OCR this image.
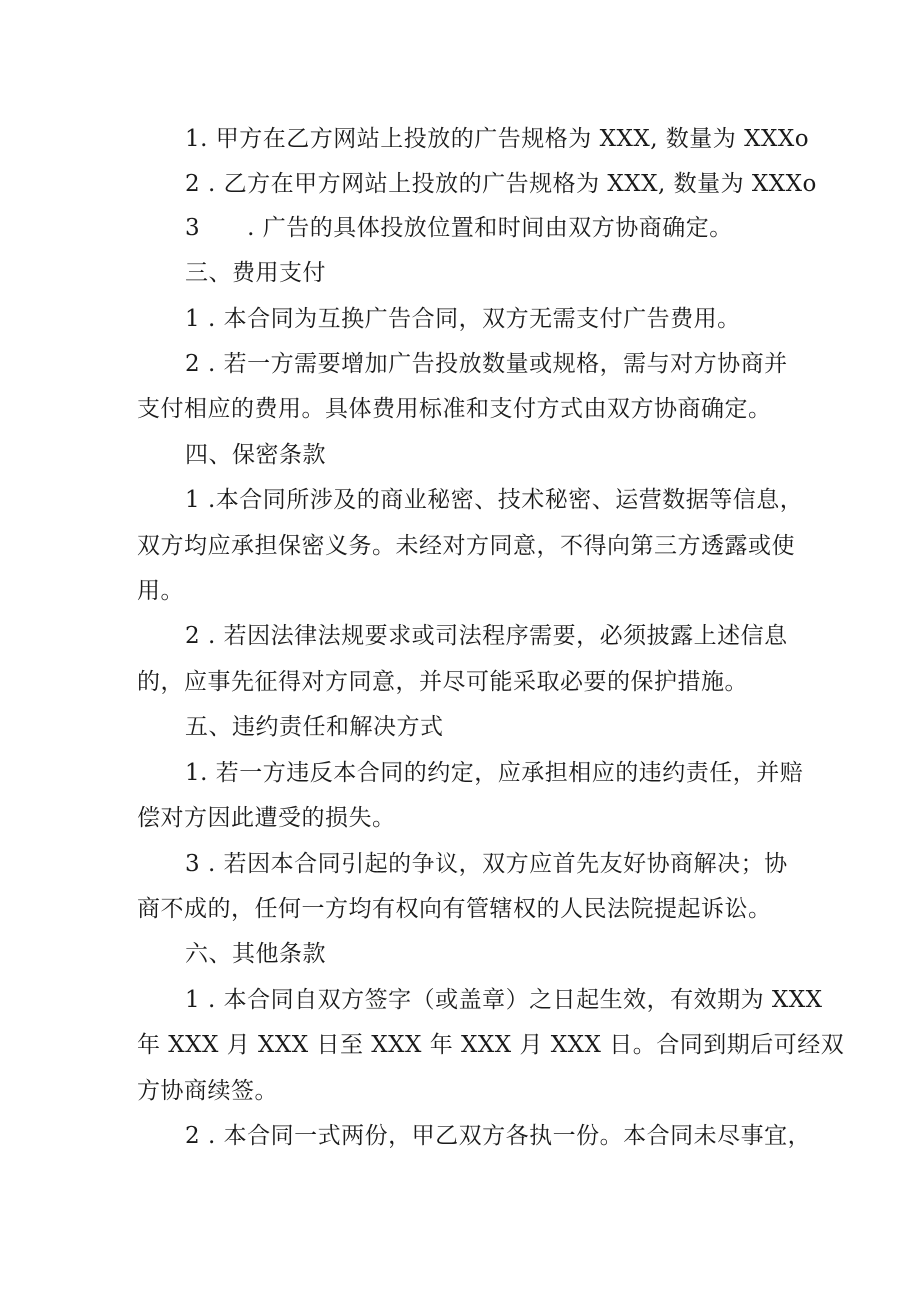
1. 甲方在乙方网站上投放的广告规格为 XXX, 数量为 XXXo
2 . 乙方在甲方网站上投放的广告规格为 XXX, 数量为 XXXo
3　　. 广告的具体投放位置和时间由双方协商确定。
三、费用支付
1 . 本合同为互换广告合同，双方无需支付广告费用。
2 . 若一方需要增加广告投放数量或规格，需与对方协商并
支付相应的费用。具体费用标准和支付方式由双方协商确定。
四、保密条款
1 .本合同所涉及的商业秘密、技术秘密、运营数据等信息，
双方均应承担保密义务。未经对方同意，不得向第三方透露或使
用。
2 . 若因法律法规要求或司法程序需要，必须披露上述信息
的，应事先征得对方同意，并尽可能采取必要的保护措施。
五、违约责任和解决方式
1. 若一方违反本合同的约定，应承担相应的违约责任，并赔
偿对方因此遭受的损失。
3 . 若因本合同引起的争议，双方应首先友好协商解决；协
商不成的，任何一方均有权向有管辖权的人民法院提起诉讼。
六、其他条款
1 . 本合同自双方签字（或盖章）之日起生效，有效期为 XXX
年 XXX 月 XXX 日至 XXX 年 XXX 月 XXX 日。合同到期后可经双
方协商续签。
2 . 本合同一式两份，甲乙双方各执一份。本合同未尽事宜，
